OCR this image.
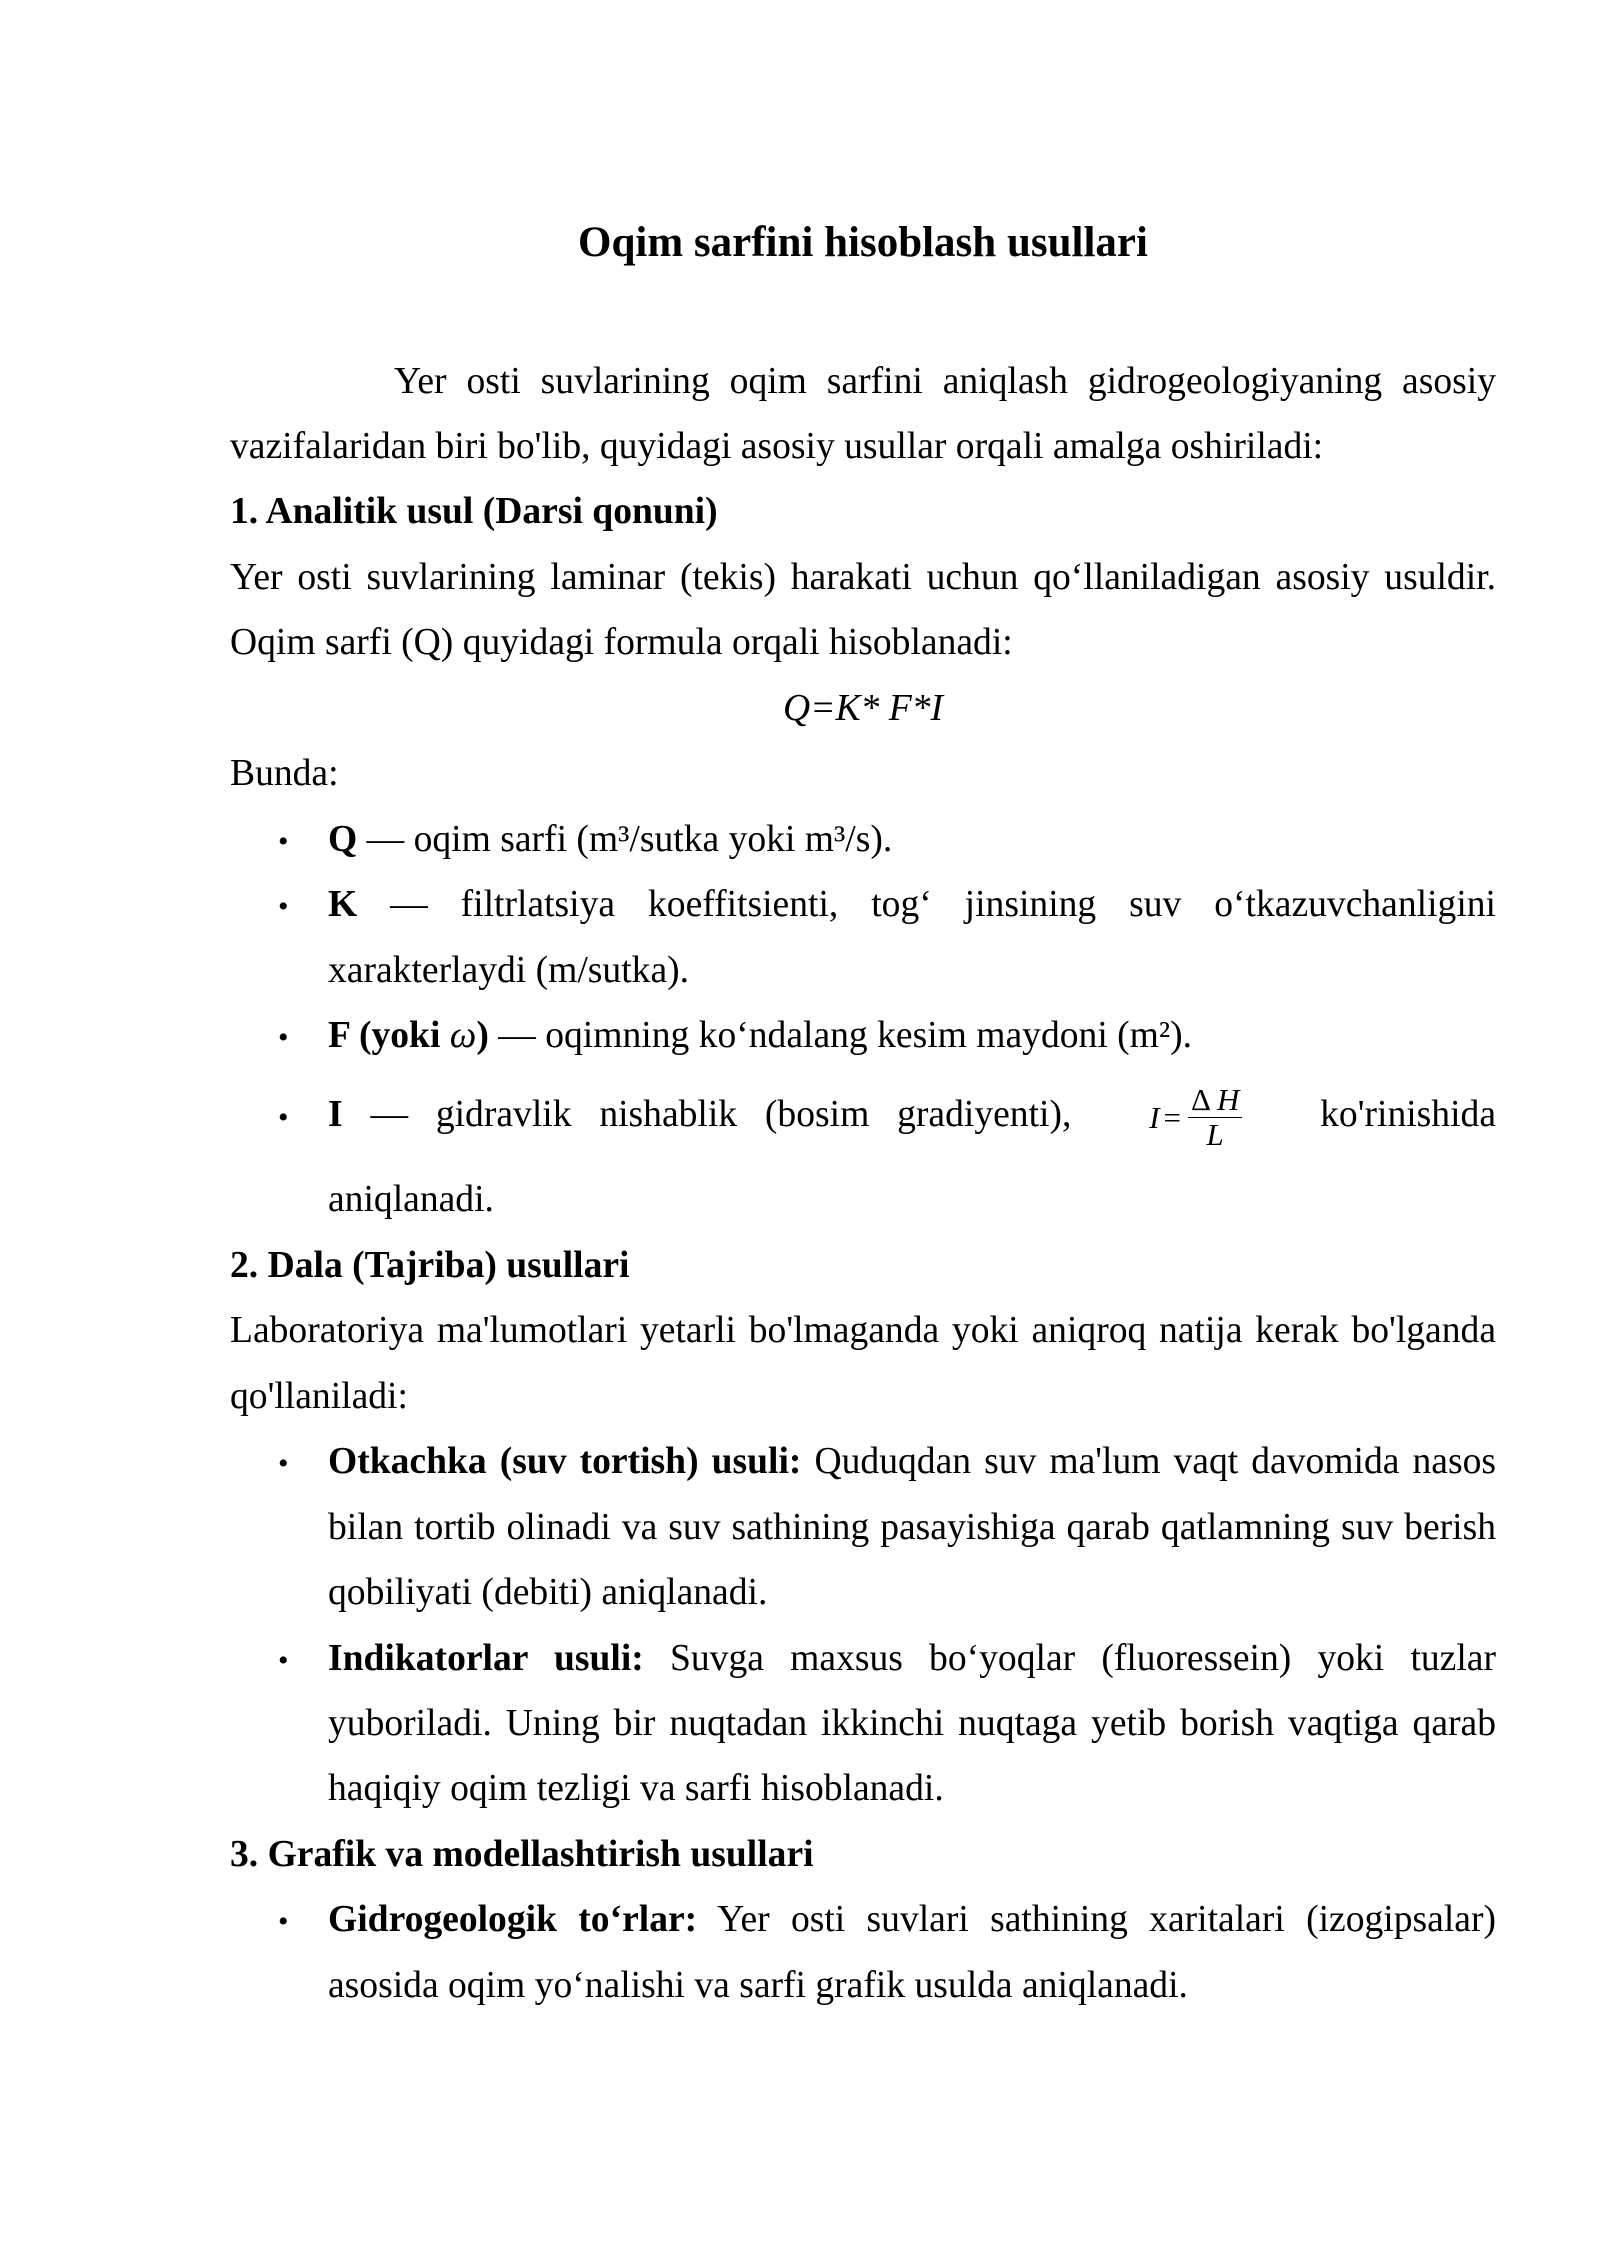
Oqim sarfini hisoblash usullari

Yer osti suvlarining oqim sarfini aniqlash gidrogeologiyaning asosiy vazifalaridan biri bo'lib, quyidagi asosiy usullar orqali amalga oshiriladi:

1. Analitik usul (Darsi qonuni)

Yer osti suvlarining laminar (tekis) harakati uchun qo‘llaniladigan asosiy usuldir. Oqim sarfi (Q) quyidagi formula orqali hisoblanadi:

Q=K* F*I

Bunda:

• Q — oqim sarfi (m³/sutka yoki m³/s).
• K — filtrlatsiya koeffitsienti, tog‘ jinsining suv o‘tkazuvchanligini xarakterlaydi (m/sutka).
• F (yoki ω) — oqimning ko‘ndalang kesim maydoni (m²).
• I — gidravlik nishablik (bosim gradiyenti), $I = \frac{\text{Δ H}}{L}$ ko'rinishida aniqlanadi.
2. Dala (Tajriba) usullari

Laboratoriya ma'lumotlari yetarli bo'lmaganda yoki aniqroq natija kerak bo'lganda qo'llaniladi:

• Otkachka (suv tortish) usuli: Quduqdan suv ma'lum vaqt davomida nasos bilan tortib olinadi va suv sathining pasayishiga qarab qatlamning suv berish qobiliyati (debiti) aniqlanadi.
• Indikatorlar usuli: Suvga maxsus bo‘yoqlar (fluoressein) yoki tuzlar yuboriladi. Uning bir nuqtadan ikkinchi nuqtaga yetib borish vaqtiga qarab haqiqiy oqim tezligi va sarfi hisoblanadi.
3. Grafik va modellashtirish usullari
• Gidrogeologik to‘rlar: Yer osti suvlari sathining xaritalari (izogipsalar) asosida oqim yo‘nalishi va sarfi grafik usulda aniqlanadi.
